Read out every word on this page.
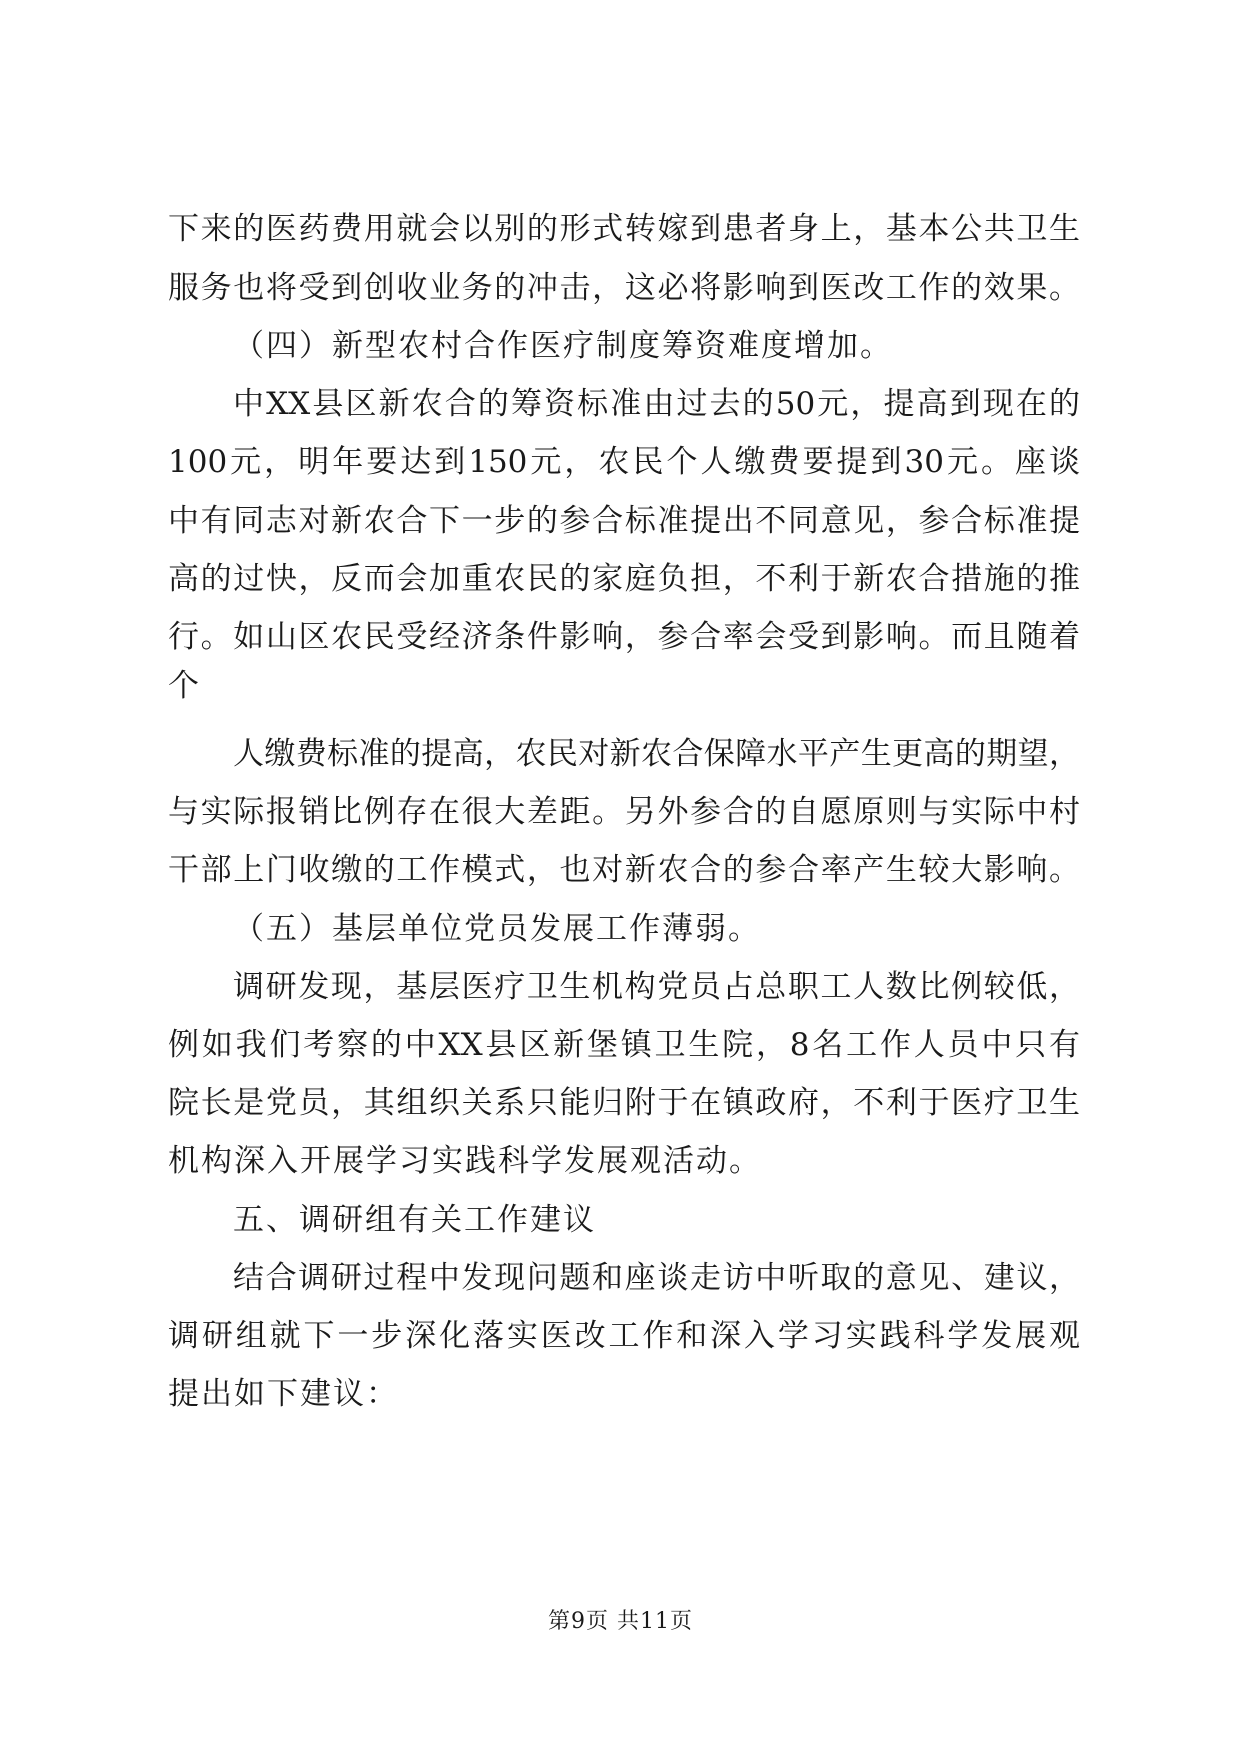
下来的医药费用就会以别的形式转嫁到患者身上，基本公共卫生
服务也将受到创收业务的冲击，这必将影响到医改工作的效果。
（四）新型农村合作医疗制度筹资难度增加。
中XX县区新农合的筹资标准由过去的50元，提高到现在的
100元，明年要达到150元，农民个人缴费要提到30元。座谈
中有同志对新农合下一步的参合标准提出不同意见，参合标准提
高的过快，反而会加重农民的家庭负担，不利于新农合措施的推
行。如山区农民受经济条件影响，参合率会受到影响。而且随着
个
人缴费标准的提高，农民对新农合保障水平产生更高的期望，
与实际报销比例存在很大差距。另外参合的自愿原则与实际中村
干部上门收缴的工作模式，也对新农合的参合率产生较大影响。
（五）基层单位党员发展工作薄弱。
调研发现，基层医疗卫生机构党员占总职工人数比例较低，
例如我们考察的中XX县区新堡镇卫生院，8名工作人员中只有
院长是党员，其组织关系只能归附于在镇政府，不利于医疗卫生
机构深入开展学习实践科学发展观活动。
五、调研组有关工作建议
结合调研过程中发现问题和座谈走访中听取的意见、建议，
调研组就下一步深化落实医改工作和深入学习实践科学发展观
提出如下建议：
第9页 共11页
